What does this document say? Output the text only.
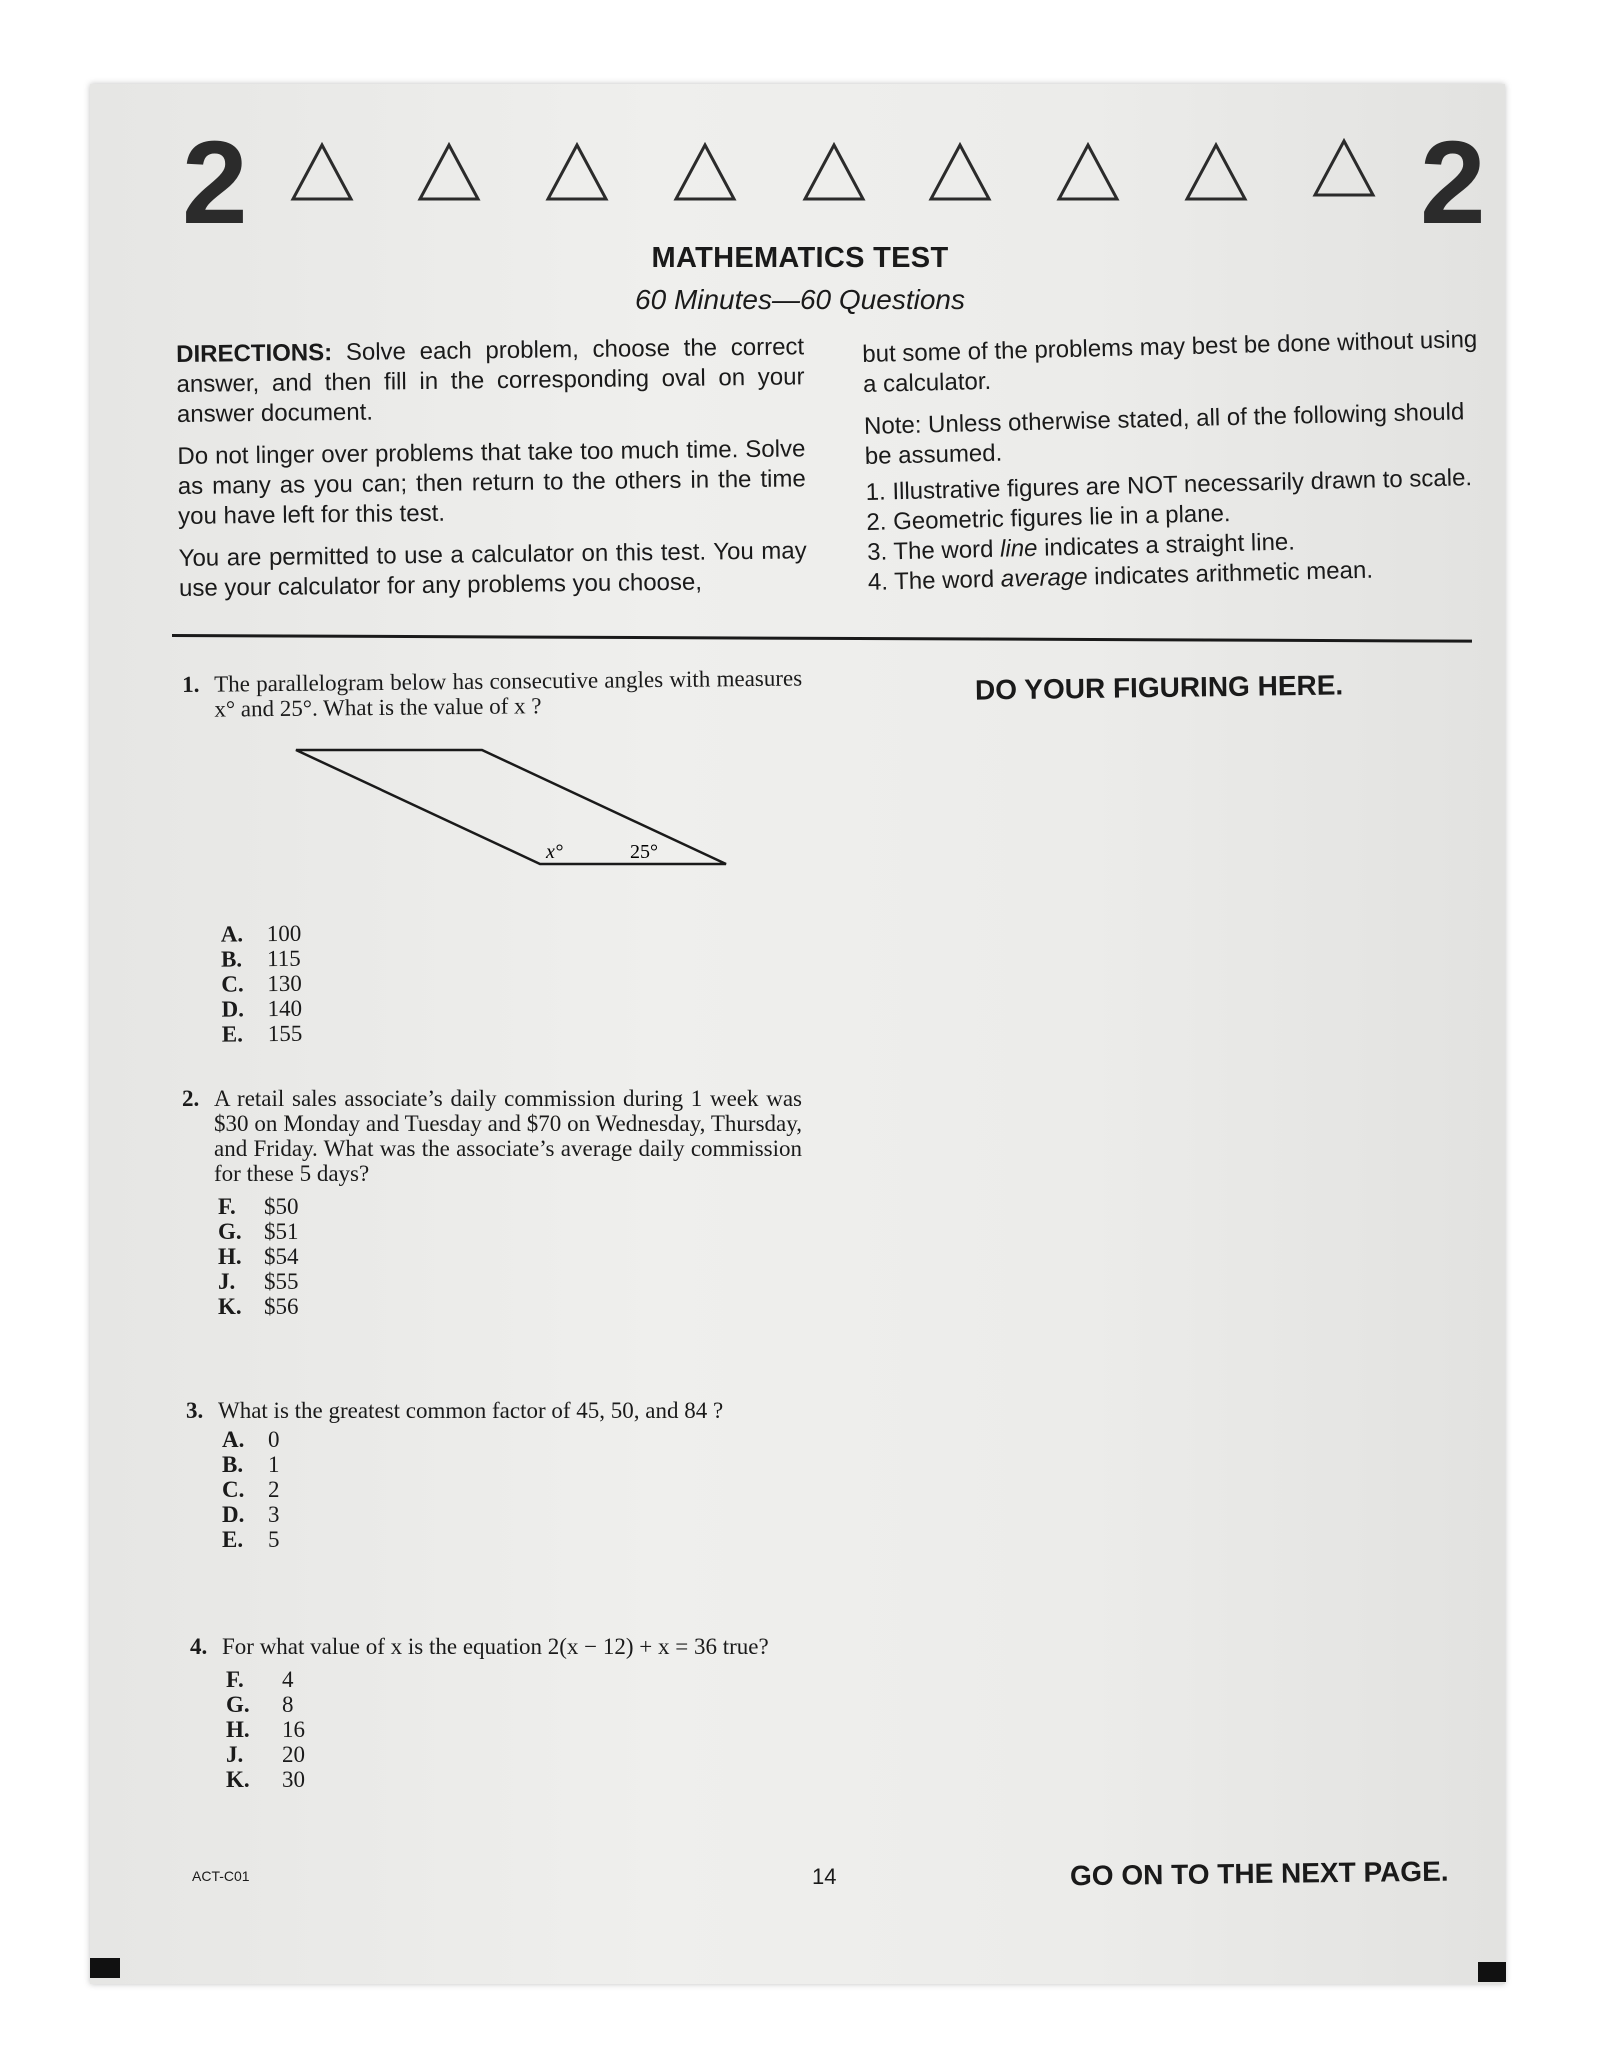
2	2
MATHEMATICS TEST
60 Minutes—60 Questions

DIRECTIONS: Solve each problem, choose the correct answer, and then fill in the corresponding oval on your answer document.

Do not linger over problems that take too much time. Solve as many as you can; then return to the others in the time you have left for this test.

You are permitted to use a calculator on this test. You may use your calculator for any problems you choose,

but some of the problems may best be done without using a calculator.

Note: Unless otherwise stated, all of the following should be assumed.

1. Illustrative figures are NOT necessarily drawn to scale.
2. Geometric figures lie in a plane.
3. The word line indicates a straight line.
4. The word average indicates arithmetic mean.
DO YOUR FIGURING HERE.
1. The parallelogram below has consecutive angles with measures x° and 25°. What is the value of x ?
A.	100
B.	115
C.	130
D.	140
E.	155
x°	25°
2. A retail sales associate’s daily commission during 1 week was $30 on Monday and Tuesday and $70 on Wednesday, Thursday, and Friday. What was the associate’s average daily commission for these 5 days?
F.	$50
G. $51
H. $54
J.	$55
K. $56
3. What is the greatest common factor of 45, 50, and 84 ?
A.	0
B.	1
C.	2
D.	3
E.	5
4. For what value of x is the equation 2(x − 12) + x = 36 true?
F.	4
G.	8
H.	16
J.	20
K.	30
ACT-C01	14	GO ON TO THE NEXT PAGE.
